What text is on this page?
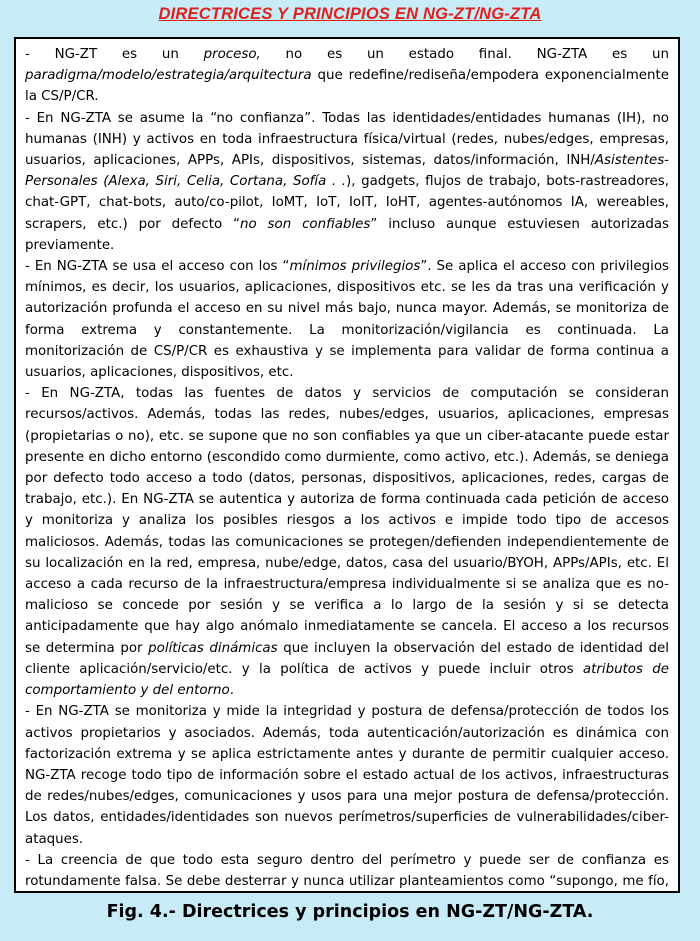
DIRECTRICES Y PRINCIPIOS EN NG-ZT/NG-ZTA

- NG-ZT es un proceso, no es un estado final. NG-ZTA es un paradigma/modelo/estrategia/arquitectura que redefine/rediseña/empodera exponencialmente la CS/P/CR.

- En NG-ZTA se asume la “no confianza”. Todas las identidades/entidades humanas (IH), no humanas (INH) y activos en toda infraestructura física/virtual (redes, nubes/edges, empresas, usuarios, aplicaciones, APPs, APIs, dispositivos, sistemas, datos/información, INH/Asistentes-Personales (Alexa, Siri, Celia, Cortana, Sofía . .), gadgets, flujos de trabajo, bots-rastreadores, chat-GPT, chat-bots, auto/co-pilot, IoMT, IoT, IoIT, IoHT, agentes-autónomos IA, wereables, scrapers, etc.) por defecto “no son confiables” incluso aunque estuviesen autorizadas previamente.

- En NG-ZTA se usa el acceso con los “mínimos privilegios”. Se aplica el acceso con privilegios mínimos, es decir, los usuarios, aplicaciones, dispositivos etc. se les da tras una verificación y autorización profunda el acceso en su nivel más bajo, nunca mayor. Además, se monitoriza de forma extrema y constantemente. La monitorización/vigilancia es continuada. La monitorización de CS/P/CR es exhaustiva y se implementa para validar de forma continua a usuarios, aplicaciones, dispositivos, etc.

- En NG-ZTA, todas las fuentes de datos y servicios de computación se consideran recursos/activos. Además, todas las redes, nubes/edges, usuarios, aplicaciones, empresas (propietarias o no), etc. se supone que no son confiables ya que un ciber-atacante puede estar presente en dicho entorno (escondido como durmiente, como activo, etc.). Además, se deniega por defecto todo acceso a todo (datos, personas, dispositivos, aplicaciones, redes, cargas de trabajo, etc.). En NG-ZTA se autentica y autoriza de forma continuada cada petición de acceso y monitoriza y analiza los posibles riesgos a los activos e impide todo tipo de accesos maliciosos. Además, todas las comunicaciones se protegen/defienden independientemente de su localización en la red, empresa, nube/edge, datos, casa del usuario/BYOH, APPs/APIs, etc. El acceso a cada recurso de la infraestructura/empresa individualmente si se analiza que es no-malicioso se concede por sesión y se verifica a lo largo de la sesión y si se detecta anticipadamente que hay algo anómalo inmediatamente se cancela. El acceso a los recursos se determina por políticas dinámicas que incluyen la observación del estado de identidad del cliente aplicación/servicio/etc. y la política de activos y puede incluir otros atributos de comportamiento y del entorno.

- En NG-ZTA se monitoriza y mide la integridad y postura de defensa/protección de todos los activos propietarios y asociados. Además, toda autenticación/autorización es dinámica con factorización extrema y se aplica estrictamente antes y durante de permitir cualquier acceso. NG-ZTA recoge todo tipo de información sobre el estado actual de los activos, infraestructuras de redes/nubes/edges, comunicaciones y usos para una mejor postura de defensa/protección. Los datos, entidades/identidades son nuevos perímetros/superficies de vulnerabilidades/ciber-ataques.

- La creencia de que todo esta seguro dentro del perímetro y puede ser de confianza es rotundamente falsa. Se debe desterrar y nunca utilizar planteamientos como “supongo, me fío,

Fig. 4.- Directrices y principios en NG-ZT/NG-ZTA.
